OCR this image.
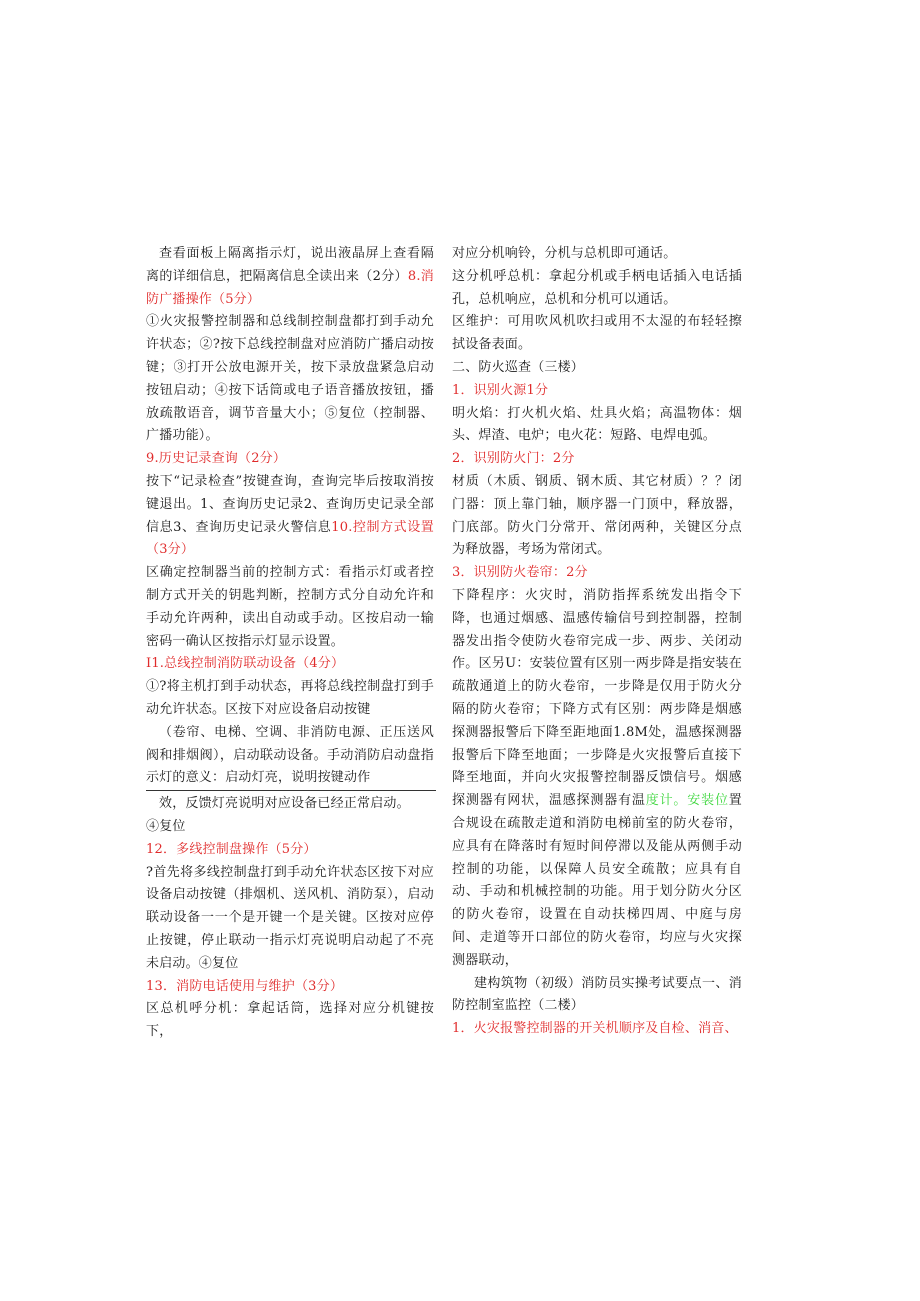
查看面板上隔离指示灯，说出液晶屏上查看隔离的详细信息，把隔离信息全读出来（2分）8.消防广播操作（5分）

①火灾报警控制器和总线制控制盘都打到手动允许状态；②?按下总线控制盘对应消防广播启动按键；③打开公放电源开关，按下录放盘紧急启动按钮启动；④按下话筒或电子语音播放按钮，播放疏散语音，调节音量大小；⑤复位（控制器、广播功能）。

9.历史记录查询（2分）

按下“记录检查”按键查询，查询完毕后按取消按键退出。1、查询历史记录2、查询历史记录全部信息3、查询历史记录火警信息10.控制方式设置（3分）

区确定控制器当前的控制方式：看指示灯或者控制方式开关的钥匙判断，控制方式分自动允许和手动允许两种，读出自动或手动。区按启动一输密码一确认区按指示灯显示设置。

I1.总线控制消防联动设备（4分）

①?将主机打到手动状态，再将总线控制盘打到手动允许状态。区按下对应设备启动按键

（卷帘、电梯、空调、非消防电源、正压送风阀和排烟阀），启动联动设备。手动消防启动盘指示灯的意义：启动灯亮，说明按键动作

效，反馈灯亮说明对应设备已经正常启动。

④复位

12．多线控制盘操作（5分）

?首先将多线控制盘打到手动允许状态区按下对应设备启动按键（排烟机、送风机、消防泵），启动联动设备一一个是开键一个是关键。区按对应停止按键，停止联动一指示灯亮说明启动起了不亮未启动。④复位

13．消防电话使用与维护（3分）

区总机呼分机：拿起话筒，选择对应分机键按下，

对应分机响铃，分机与总机即可通话。

这分机呼总机：拿起分机或手柄电话插入电话插孔，总机响应，总机和分机可以通话。

区维护：可用吹风机吹扫或用不太湿的布轻轻擦拭设备表面。

二、防火巡查（三楼）

1．识别火源1分

明火焰：打火机火焰、灶具火焰；高温物体：烟头、焊渣、电炉；电火花：短路、电焊电弧。

2．识别防火门：2分

材质（木质、钢质、钢木质、其它材质）？？闭门器：顶上靠门轴，顺序器一门顶中，释放器，门底部。防火门分常开、常闭两种，关键区分点为释放器，考场为常闭式。

3．识别防火卷帘：2分

下降程序：火灾时，消防指挥系统发出指令下降，也通过烟感、温感传输信号到控制器，控制器发出指令使防火卷帘完成一步、两步、关闭动作。区另U：安装位置有区别一两步降是指安装在疏散通道上的防火卷帘，一步降是仅用于防火分隔的防火卷帘；下降方式有区别：两步降是烟感探测器报警后下降至距地面1.8M处，温感探测器报警后下降至地面；一步降是火灾报警后直接下降至地面，并向火灾报警控制器反馈信号。烟感探测器有网状，温感探测器有温度计。安装位置合规设在疏散走道和消防电梯前室的防火卷帘，应具有在降落时有短时间停滞以及能从两侧手动控制的功能，以保障人员安全疏散；应具有自动、手动和机械控制的功能。用于划分防火分区的防火卷帘，设置在自动扶梯四周、中庭与房间、走道等开口部位的防火卷帘，均应与火灾探测器联动，

建构筑物（初级）消防员实操考试要点一、消防控制室监控（二楼）

1．火灾报警控制器的开关机顺序及自检、消音、
